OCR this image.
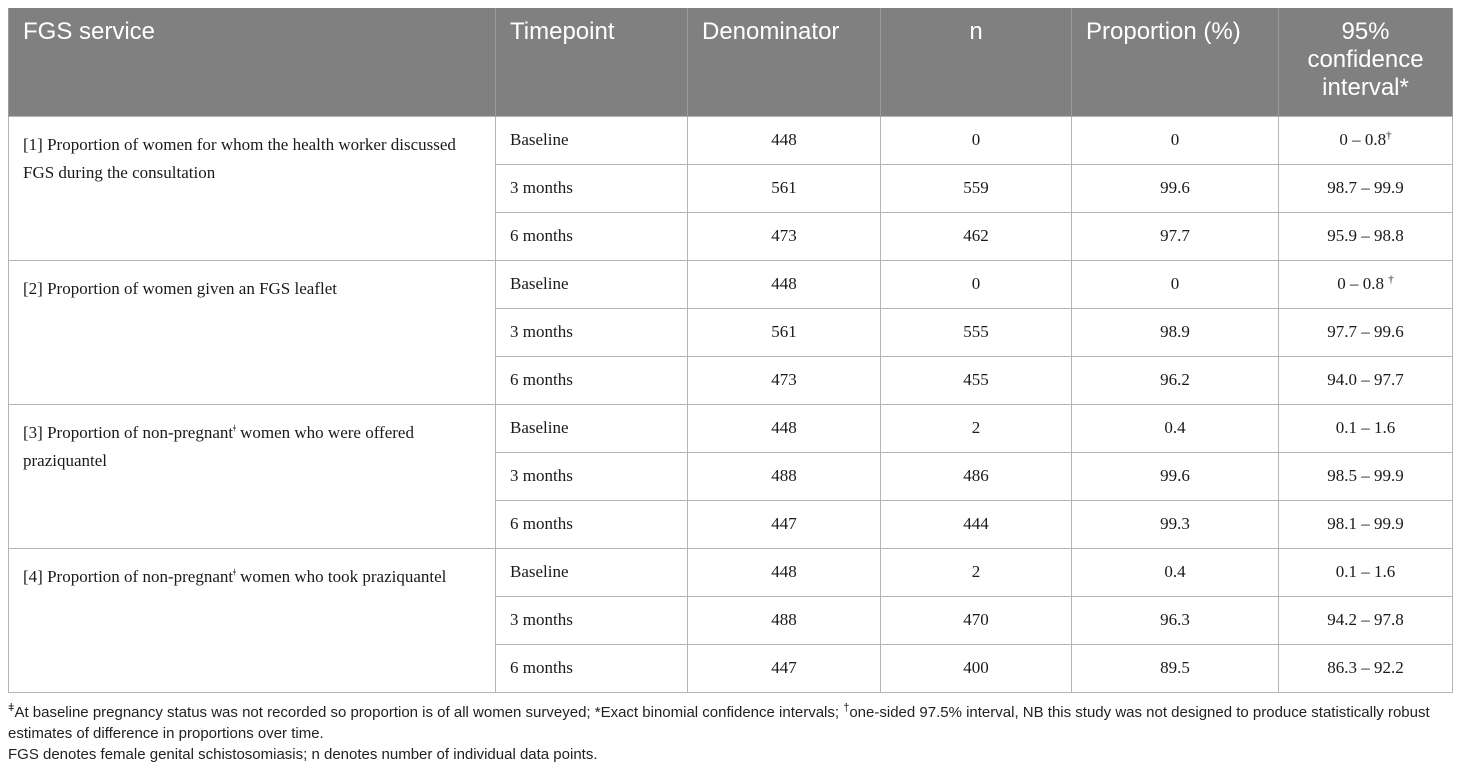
FGS service	Timepoint	Denominator	n	Proportion (%)	95% confidence interval*
[1] Proportion of women for whom the health worker discussed FGS during the consultation	Baseline	448	0	0	0 – 0.8†
	3 months	561	559	99.6	98.7 – 99.9
	6 months	473	462	97.7	95.9 – 98.8
[2] Proportion of women given an FGS leaflet	Baseline	448	0	0	0 – 0.8 †
	3 months	561	555	98.9	97.7 – 99.6
	6 months	473	455	96.2	94.0 – 97.7
[3] Proportion of non-pregnant$^ǂ$ women who were offered praziquantel	Baseline	448	2	0.4	0.1 – 1.6
	3 months	488	486	99.6	98.5 – 99.9
	6 months	447	444	99.3	98.1 – 99.9
[4] Proportion of non-pregnant$^ǂ$ women who took praziquantel	Baseline	448	2	0.4	0.1 – 1.6
	3 months	488	470	96.3	94.2 – 97.8
	6 months	447	400	89.5	86.3 – 92.2

$^ǂ$At baseline pregnancy status was not recorded so proportion is of all women surveyed; *Exact binomial confidence intervals; †one-sided 97.5% interval, NB this study was not designed to produce statistically robust estimates of difference in proportions over time.

FGS denotes female genital schistosomiasis; n denotes number of individual data points.
